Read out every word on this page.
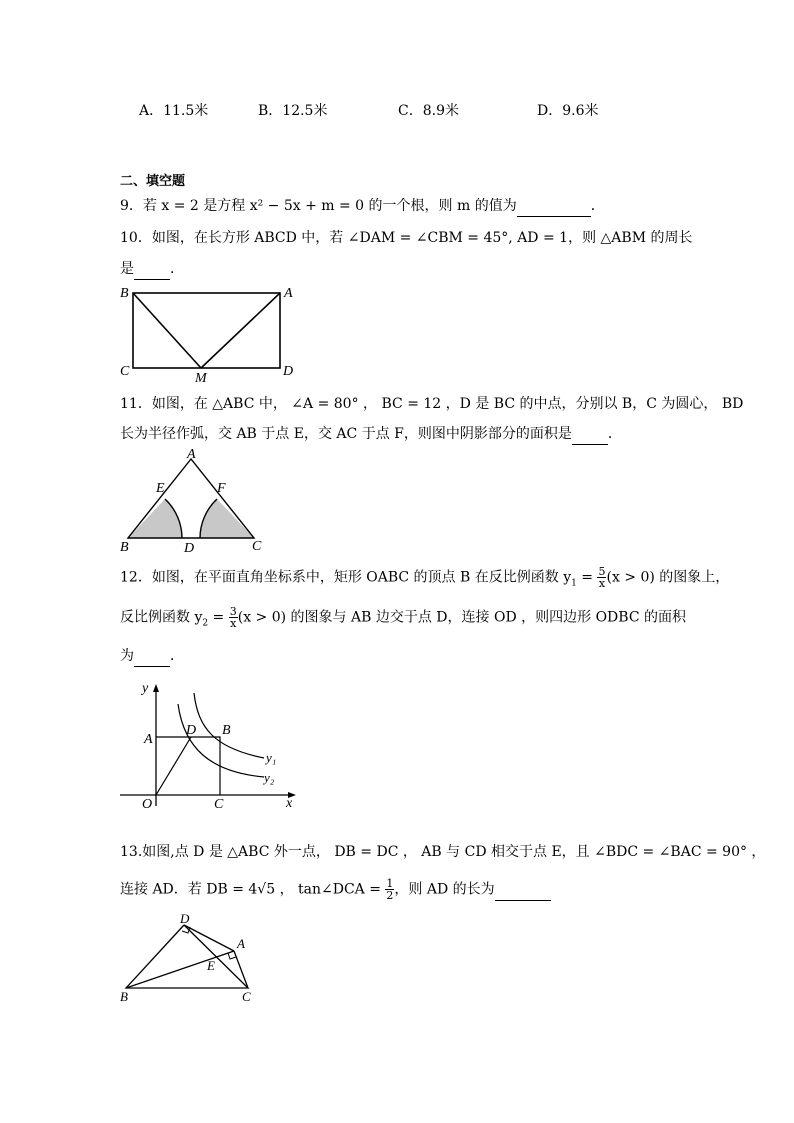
A．11.5米	B．12.5米	C．8.9米	D．9.6米
二、填空题
9．若 x = 2 是方程 x² − 5x + m = 0 的一个根，则 m 的值为	．
10．如图，在长方形 ABCD 中，若 ∠DAM = ∠CBM = 45°, AD = 1，则 △ABM 的周长
是	．
B	A
C	M	D
11．如图，在 △ABC 中， ∠A = 80° ， BC = 12 ，D 是 BC 的中点，分别以 B，C 为圆心， BD
长为半径作弧，交 AB 于点 E，交 AC 于点 F，则图中阴影部分的面积是	．
A
E	F
B	D	C
12．如图，在平面直角坐标系中，矩形 OABC 的顶点 B 在反比例函数 $y_1 = \frac{5}{x} (x > 0)$ 的图象上，
反比例函数 $y_2 = \frac{3}{x} (x > 0)$ 的图象与 AB 边交于点 D，连接 OD ，则四边形 ODBC 的面积
为	．
y
A
D B
y₁
y₂
O	C	x
13.如图,点 D 是 △ABC 外一点， DB = DC ， AB 与 CD 相交于点 E，且 ∠BDC = ∠BAC = 90° ，
连接 AD．若 DB = 4√5 ， tan∠DCA = $\frac{1}{2}$ ，则 AD 的长为
D
A
E
B	C
